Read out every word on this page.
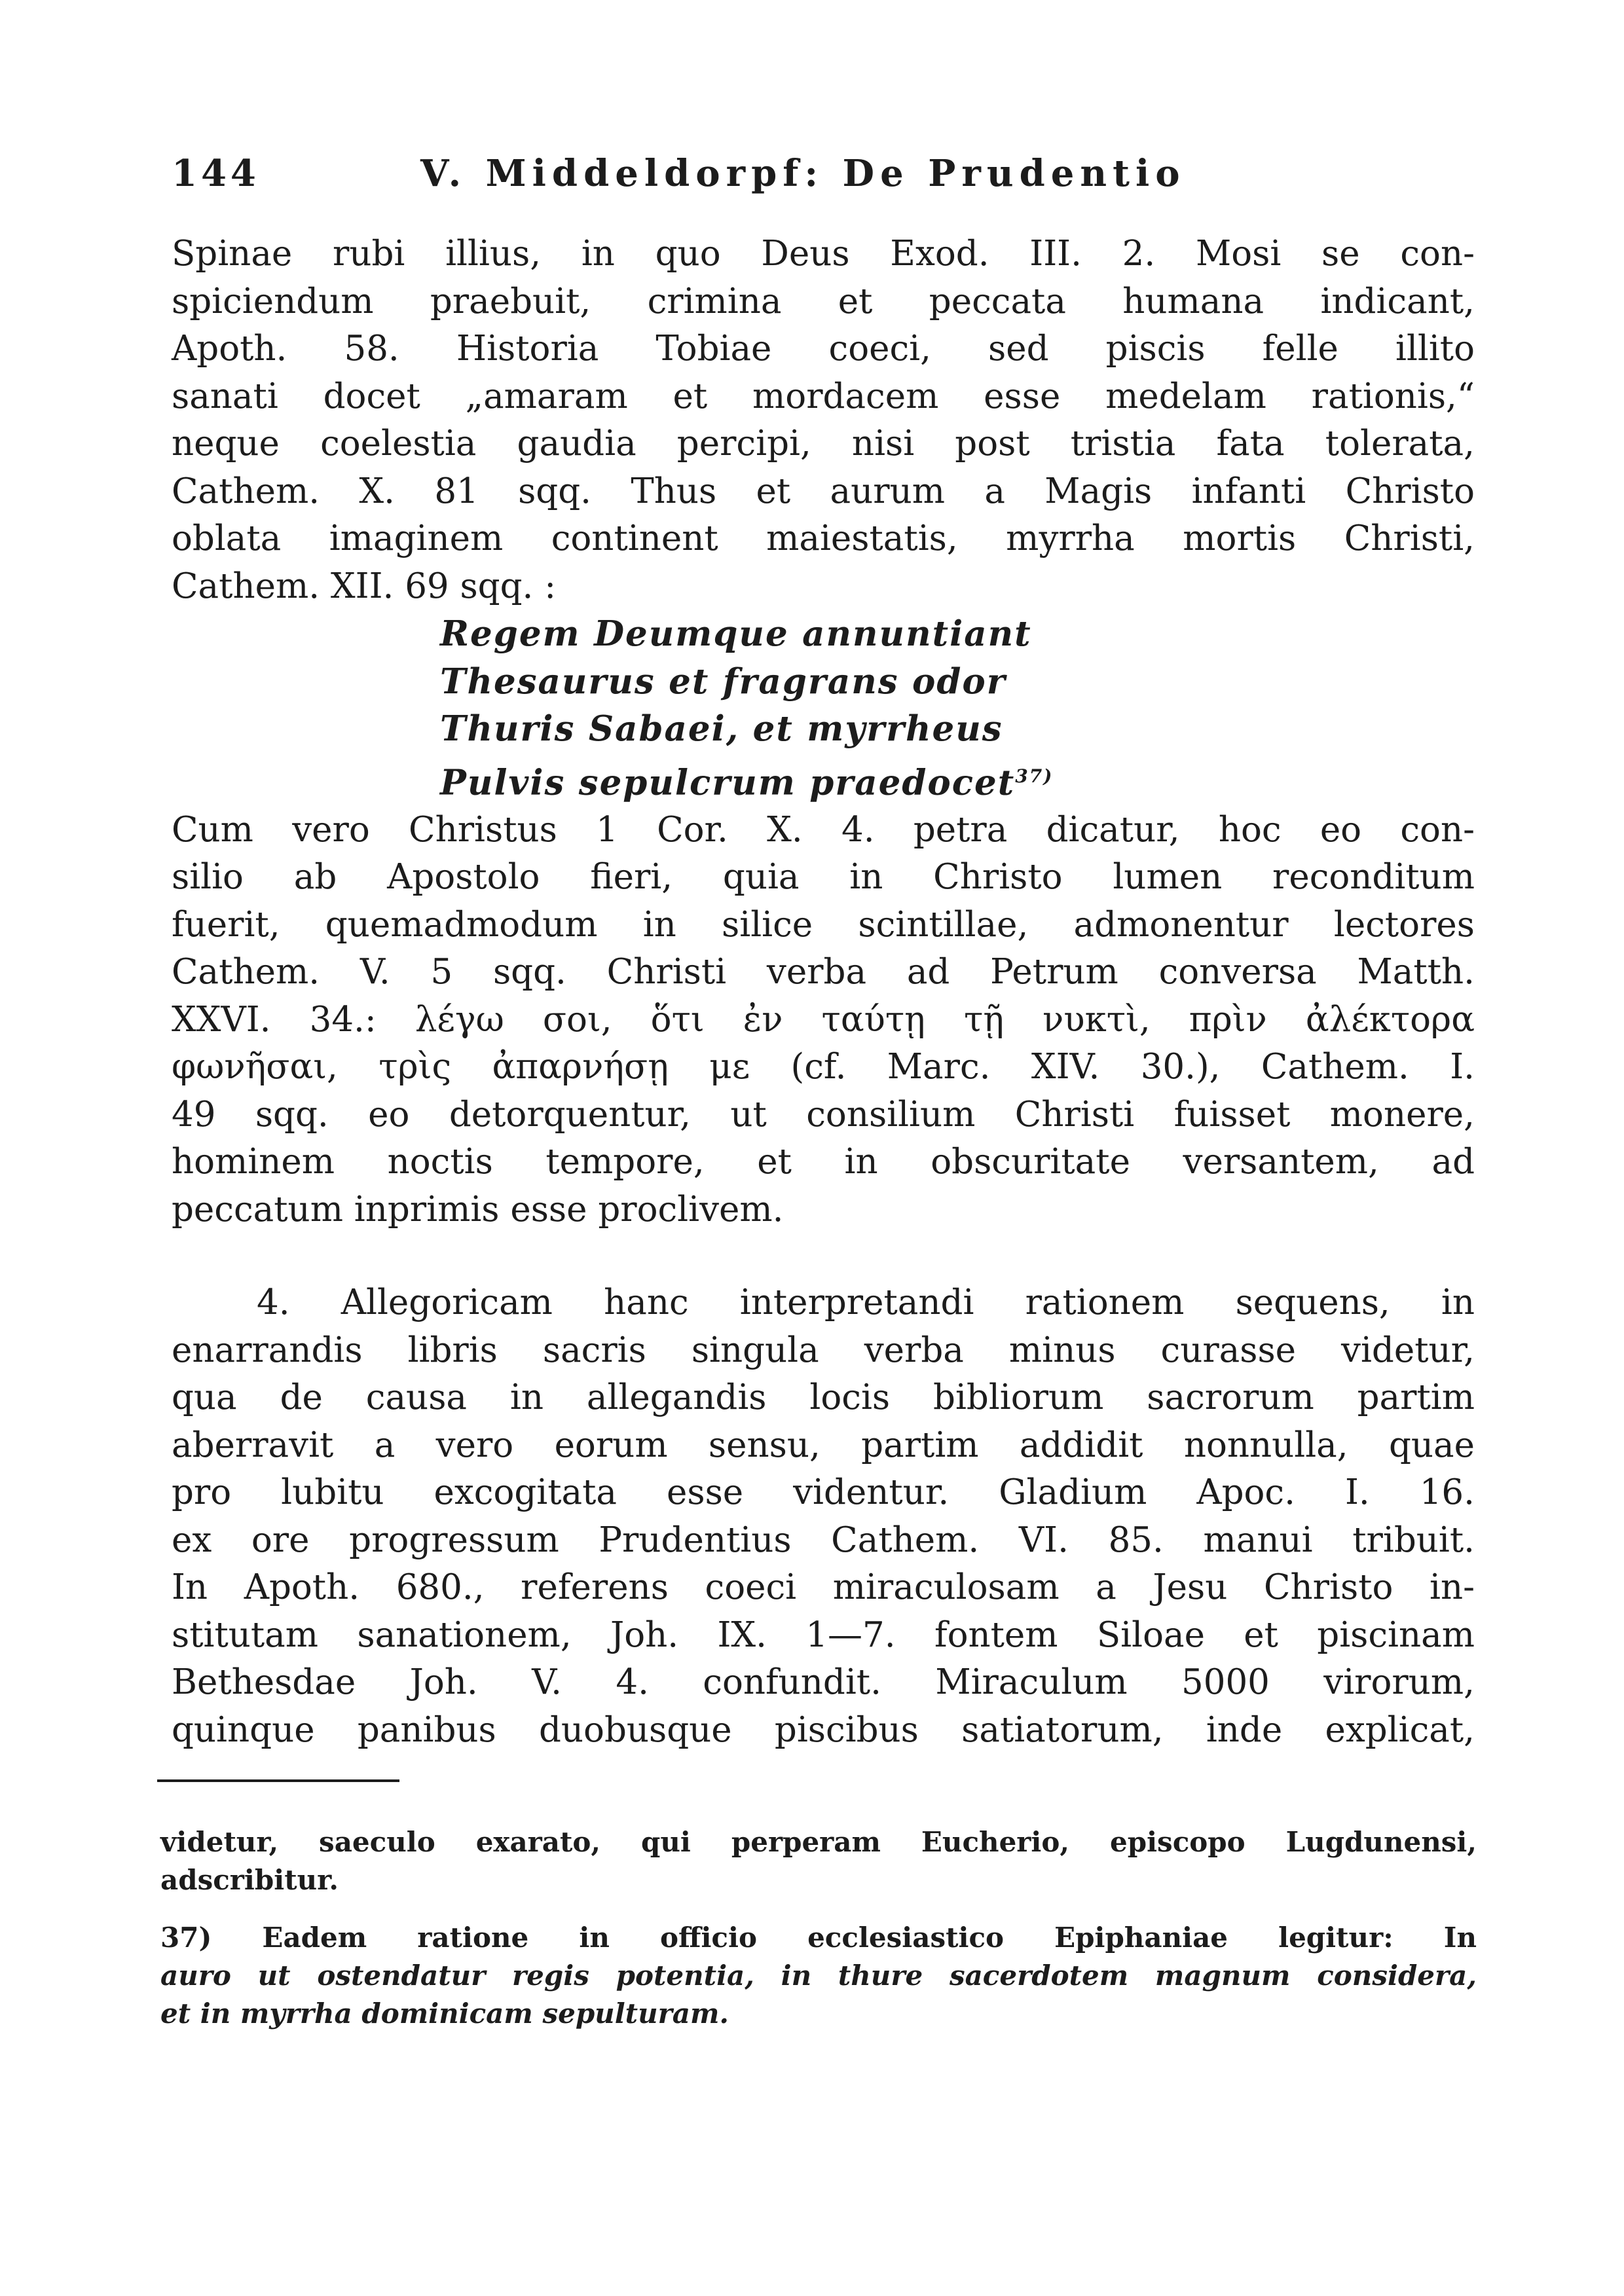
144	V. Middeldorpf: De Prudentio
Spinae rubi illius, in quo Deus Exod. III. 2. Mosi se con-
spiciendum praebuit, crimina et peccata humana indicant,
Apoth. 58. Historia Tobiae coeci, sed piscis felle illito
sanati docet „amaram et mordacem esse medelam rationis,“
neque coelestia gaudia percipi, nisi post tristia fata tolerata,
Cathem. X. 81 sqq. Thus et aurum a Magis infanti Christo
oblata imaginem continent maiestatis, myrrha mortis Christi,
Cathem. XII. 69 sqq. :
Regem Deumque annuntiant
Thesaurus et fragrans odor
Thuris Sabaei, et myrrheus
Pulvis sepulcrum praedocet$^{37)}$
Cum vero Christus 1 Cor. X. 4. petra dicatur, hoc eo con-
silio ab Apostolo fieri, quia in Christo lumen reconditum
fuerit, quemadmodum in silice scintillae, admonentur lectores
Cathem. V. 5 sqq. Christi verba ad Petrum conversa Matth.
XXVI. 34.: λέγω σοι, ὅτι ἐν ταύτῃ τῇ νυκτὶ, πρὶν ἀλέκτορα
φωνῆσαι, τρὶς ἀπαρνήσῃ με (cf. Marc. XIV. 30.), Cathem. I.
49 sqq. eo detorquentur, ut consilium Christi fuisset monere,
hominem noctis tempore, et in obscuritate versantem, ad
peccatum inprimis esse proclivem.
4. Allegoricam hanc interpretandi rationem sequens, in
enarrandis libris sacris singula verba minus curasse videtur,
qua de causa in allegandis locis bibliorum sacrorum partim
aberravit a vero eorum sensu, partim addidit nonnulla, quae
pro lubitu excogitata esse videntur. Gladium Apoc. I. 16.
ex ore progressum Prudentius Cathem. VI. 85. manui tribuit.
In Apoth. 680., referens coeci miraculosam a Jesu Christo in-
stitutam sanationem, Joh. IX. 1—7. fontem Siloae et piscinam
Bethesdae Joh. V. 4. confundit. Miraculum 5000 virorum,
quinque panibus duobusque piscibus satiatorum, inde explicat,
videtur, saeculo exarato, qui perperam Eucherio, episcopo Lugdunensi,
adscribitur.
37) Eadem ratione in officio ecclesiastico Epiphaniae legitur: In
auro ut ostendatur regis potentia, in thure sacerdotem magnum considera,
et in myrrha dominicam sepulturam.
